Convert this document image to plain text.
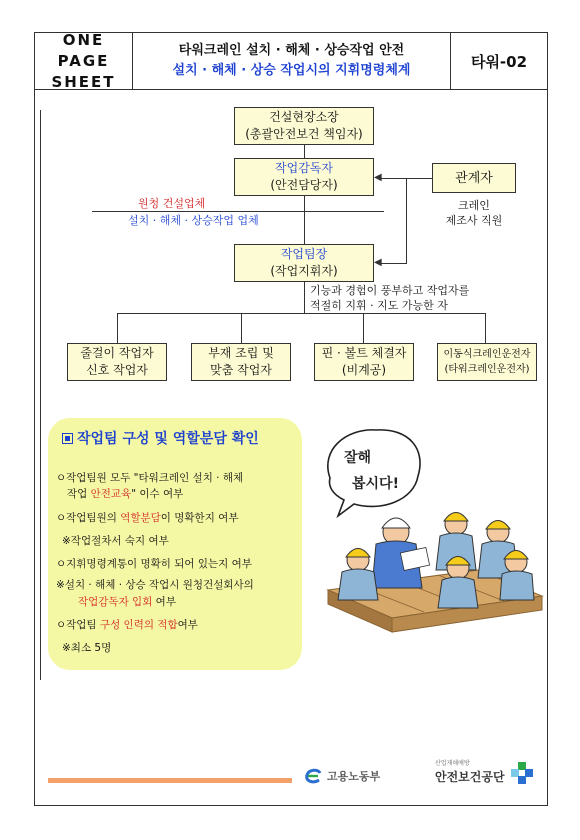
ONE PAGE
SHEET
타워크레인 설치 · 해체 · 상승작업 안전
설치 · 해체 · 상승 작업시의 지휘명령체계	타워-02
건설현장소장
(총괄안전보건 책임자)
작업감독자
(안전담당자)	관계자
크레인
제조사 직원
◀
◀
원청 건설업체
설치 · 해체 · 상승작업 업체
작업팀장
(작업지휘자)
기능과 경험이 풍부하고 작업자를
적절히 지휘 · 지도 가능한 자
줄걸이 작업자
신호 작업자
부재 조립 및
맞춤 작업자
핀 · 볼트 체결자
(비계공)
이동식크레인운전자
(타워크레인운전자)
작업팀 구성 및 역할분담 확인
ㅇ작업팀원 모두 "타워크레인 설치 · 해체
작업 안전교육" 이수 여부
ㅇ작업팀원의 역할분담이 명확한지 여부
※작업절차서 숙지 여부
ㅇ지휘명령계통이 명확히 되어 있는지 여부
※설치 · 해체 · 상승 작업시 원청건설회사의
작업감독자 입회 여부
ㅇ작업팀 구성 인력의 적합여부
※최소 5명
잘해
봅시다!
고용노동부
산업재해예방
안전보건공단
